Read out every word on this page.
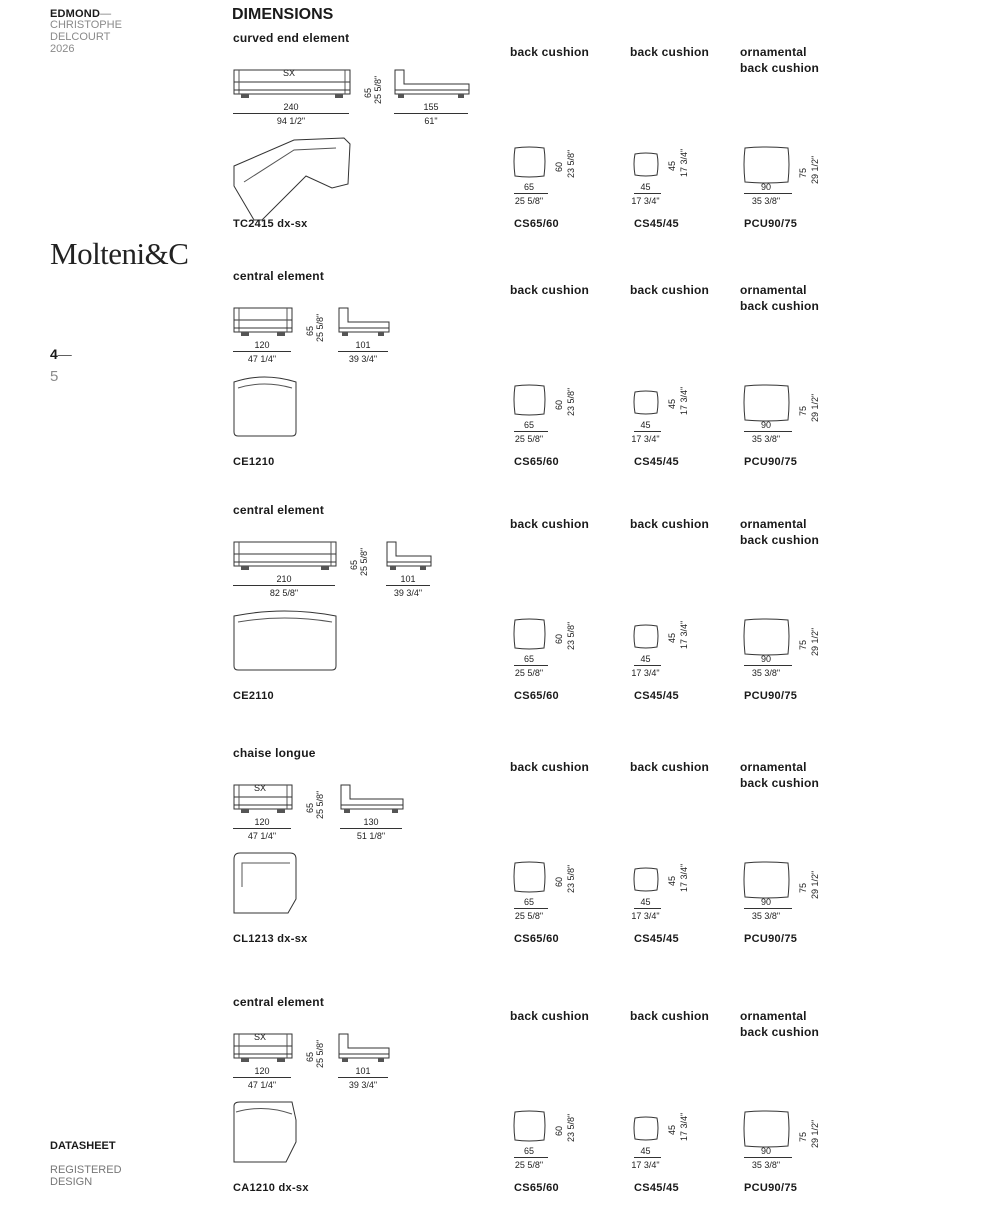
EDMOND—
CHRISTOPHE
DELCOURT
2026
Molteni&C
4—
5
DATASHEET
REGISTERED
DESIGN
DIMENSIONS
curved end element
SX
240
94 1/2"
65 25 5/8"
155
61"
TC2415 dx-sx
back cushion
60 23 5/8"
65
25 5/8"
CS65/60
back cushion
45 17 3/4"
45
17 3/4"
CS45/45
ornamental
back cushion
75 29 1/2"
90
35 3/8"
PCU90/75
central element
120
47 1/4"
65 25 5/8"
101
39 3/4"
CE1210
back cushion
60 23 5/8"
65
25 5/8"
CS65/60
back cushion
45 17 3/4"
45
17 3/4"
CS45/45
ornamental
back cushion
75 29 1/2"
90
35 3/8"
PCU90/75
central element
210
82 5/8"
65 25 5/8"
101
39 3/4"
CE2110
back cushion
60 23 5/8"
65
25 5/8"
CS65/60
back cushion
45 17 3/4"
45
17 3/4"
CS45/45
ornamental
back cushion
75 29 1/2"
90
35 3/8"
PCU90/75
chaise longue
SX
120
47 1/4"
65 25 5/8"
130
51 1/8"
CL1213 dx-sx
back cushion
60 23 5/8"
65
25 5/8"
CS65/60
back cushion
45 17 3/4"
45
17 3/4"
CS45/45
ornamental
back cushion
75 29 1/2"
90
35 3/8"
PCU90/75
central element
SX
120
47 1/4"
65 25 5/8"
101
39 3/4"
CA1210 dx-sx
back cushion
60 23 5/8"
65
25 5/8"
CS65/60
back cushion
45 17 3/4"
45
17 3/4"
CS45/45
ornamental
back cushion
75 29 1/2"
90
35 3/8"
PCU90/75
